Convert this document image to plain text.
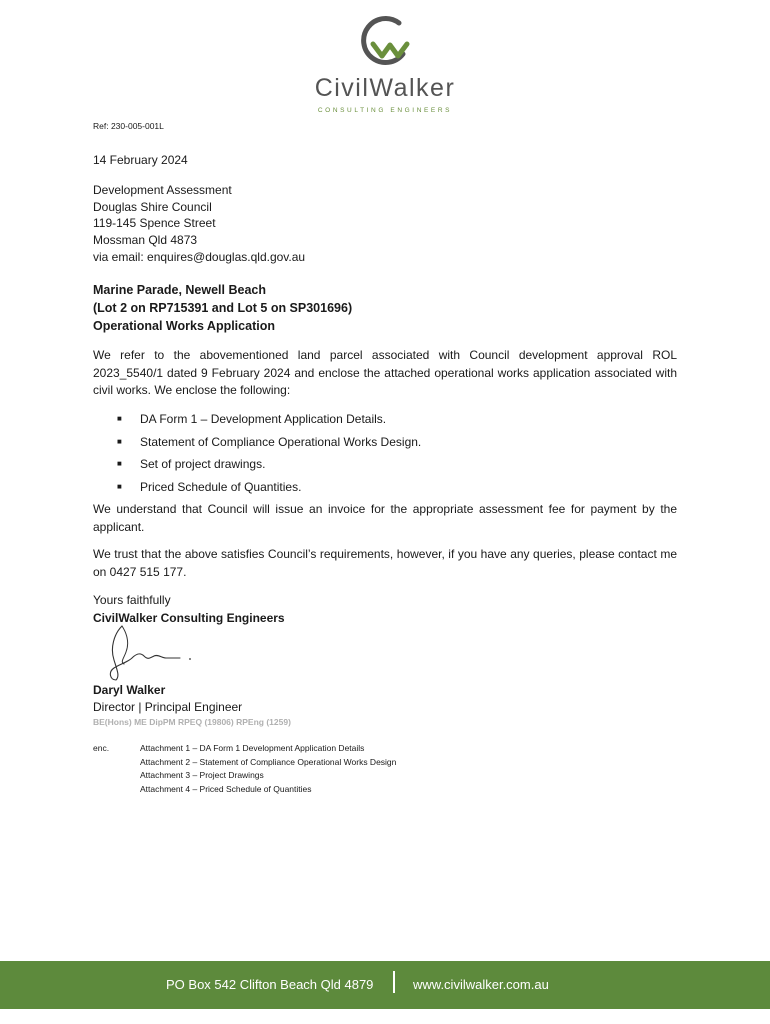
CivilWalker
CONSULTING ENGINEERS
Ref: 230-005-001L
14 February 2024
Development Assessment
Douglas Shire Council
119-145 Spence Street
Mossman Qld 4873
via email: enquires@douglas.qld.gov.au
Marine Parade, Newell Beach
(Lot 2 on RP715391 and Lot 5 on SP301696)
Operational Works Application
We refer to the abovementioned land parcel associated with Council development approval ROL 2023_5540/1 dated 9 February 2024 and enclose the attached operational works application associated with civil works. We enclose the following:
■ DA Form 1 – Development Application Details.
■ Statement of Compliance Operational Works Design.
■ Set of project drawings.
■ Priced Schedule of Quantities.
We understand that Council will issue an invoice for the appropriate assessment fee for payment by the applicant.
We trust that the above satisfies Council’s requirements, however, if you have any queries, please contact me on 0427 515 177.
Yours faithfully
CivilWalker Consulting Engineers
Daryl Walker
Director | Principal Engineer
BE(Hons) ME DipPM RPEQ (19806) RPEng (1259)
enc.	Attachment 1 – DA Form 1 Development Application Details
Attachment 2 – Statement of Compliance Operational Works Design
Attachment 3 – Project Drawings
Attachment 4 – Priced Schedule of Quantities
PO Box 542 Clifton Beach Qld 4879	www.civilwalker.com.au
